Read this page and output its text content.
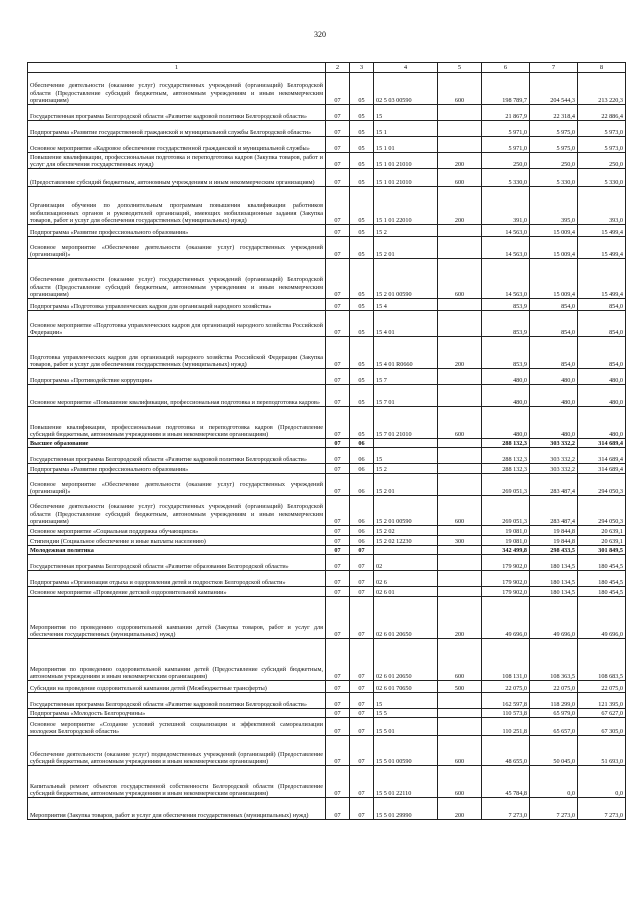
320
1	2	3	4	5	6	7	8
Обеспечение деятельности (оказание услуг) государственных учреждений (организаций) Белгородской области (Предоставление субсидий бюджетным, автономным учреждениям и иным некоммерческим организациям)	07	05	02 5 03 00590	600	198 789,7	204 544,3	213 220,3
Государственная программа Белгородской области «Развитие кадровой политики Белгородской области»	07	05	15		21 867,9	22 318,4	22 886,4
Подпрограмма «Развитие государственной гражданской и муниципальной службы Белгородской области»	07	05	15 1		5 971,0	5 975,0	5 973,0
Основное мероприятие «Кадровое обеспечение государственной гражданской и муниципальной службы»	07	05	15 1 01		5 971,0	5 975,0	5 973,0
Повышение квалификации, профессиональная подготовка и переподготовка кадров (Закупка товаров, работ и услуг для обеспечения государственных нужд)	07	05	15 1 01 21010	200	250,0	250,0	250,0
(Предоставление субсидий бюджетным, автономным учреждениям и иным некоммерческим организациям)	07	05	15 1 01 21010	600	5 330,0	5 330,0	5 330,0
Организация обучения по дополнительным программам повышения квалификации работников мобилизационных органов и руководителей организаций, имеющих мобилизационные задания (Закупка товаров, работ и услуг для обеспечения государственных (муниципальных) нужд)	07	05	15 1 01 22010	200	391,0	395,0	393,0
Подпрограмма «Развитие профессионального образования»	07	05	15 2		14 563,0	15 009,4	15 499,4
Основное мероприятие «Обеспечение деятельности (оказание услуг) государственных учреждений (организаций)»	07	05	15 2 01		14 563,0	15 009,4	15 499,4
Обеспечение деятельности (оказание услуг) государственных учреждений (организаций) Белгородской области (Предоставление субсидий бюджетным, автономным учреждениям и иным некоммерческим организациям)	07	05	15 2 01 00590	600	14 563,0	15 009,4	15 499,4
Подпрограмма «Подготовка управленческих кадров для организаций народного хозяйства»	07	05	15 4		853,9	854,0	854,0
Основное мероприятие «Подготовка управленческих кадров для организаций народного хозяйства Российской Федерации»	07	05	15 4 01		853,9	854,0	854,0
Подготовка управленческих кадров для организаций народного хозяйства Российской Федерации (Закупка товаров, работ и услуг для обеспечения государственных (муниципальных) нужд)	07	05	15 4 01 R0660	200	853,9	854,0	854,0
Подпрограмма «Противодействие коррупции»	07	05	15 7		480,0	480,0	480,0
Основное мероприятие «Повышение квалификации, профессиональная подготовка и переподготовка кадров»	07	05	15 7 01		480,0	480,0	480,0
Повышение квалификации, профессиональная подготовка и переподготовка кадров (Предоставление субсидий бюджетным, автономным учреждениям и иным некоммерческим организациям)	07	05	15 7 01 21010	600	480,0	480,0	480,0
Высшее образование	07	06			288 132,3	303 332,2	314 689,4
Государственная программа Белгородской области «Развитие кадровой политики Белгородской области»	07	06	15		288 132,3	303 332,2	314 689,4
Подпрограмма «Развитие профессионального образования»	07	06	15 2		288 132,3	303 332,2	314 689,4
Основное мероприятие «Обеспечение деятельности (оказание услуг) государственных учреждений (организаций)»	07	06	15 2 01		269 051,3	283 487,4	294 050,3
Обеспечение деятельности (оказание услуг) государственных учреждений (организаций) Белгородской области (Предоставление субсидий бюджетным, автономным учреждениям и иным некоммерческим организациям)	07	06	15 2 01 00590	600	269 051,3	283 487,4	294 050,3
Основное мероприятие «Социальная поддержка обучающихся»	07	06	15 2 02		19 081,0	19 844,8	20 639,1
Стипендии (Социальное обеспечение и иные выплаты населению)	07	06	15 2 02 12230	300	19 081,0	19 844,8	20 639,1
Молодежная политика	07	07			342 499,8	298 433,5	301 849,5
Государственная программа Белгородской области «Развитие образования Белгородской области»	07	07	02		179 902,0	180 134,5	180 454,5
Подпрограмма «Организация отдыха и оздоровления детей и подростков Белгородской области»	07	07	02 6		179 902,0	180 134,5	180 454,5
Основное мероприятие «Проведение детской оздоровительной кампании»	07	07	02 6 01		179 902,0	180 134,5	180 454,5
Мероприятия по проведению оздоровительной кампании детей (Закупка товаров, работ и услуг для обеспечения государственных (муниципальных) нужд)	07	07	02 6 01 20650	200	49 696,0	49 696,0	49 696,0
Мероприятия по проведению оздоровительной кампании детей (Предоставление субсидий бюджетным, автономным учреждениям и иным некоммерческим организациям)	07	07	02 6 01 20650	600	108 131,0	108 363,5	108 683,5
Субсидии на проведение оздоровительной кампании детей (Межбюджетные трансферты)	07	07	02 6 01 70650	500	22 075,0	22 075,0	22 075,0
Государственная программа Белгородской области «Развитие кадровой политики Белгородской области»	07	07	15		162 597,8	118 299,0	121 395,0
Подпрограмма «Молодость Белгородчины»	07	07	15 5		110 573,8	65 979,0	67 627,0
Основное мероприятие «Создание условий успешной социализации и эффективной самореализации молодежи Белгородской области»	07	07	15 5 01		110 251,8	65 657,0	67 305,0
Обеспечение деятельности (оказание услуг) подведомственных учреждений (организаций) (Предоставление субсидий бюджетным, автономным учреждениям и иным некоммерческим организациям)	07	07	15 5 01 00590	600	48 655,0	50 045,0	51 693,0
Капитальный ремонт объектов государственной собственности Белгородской области (Предоставление субсидий бюджетным, автономным учреждениям и иным некоммерческим организациям)	07	07	15 5 01 22110	600	45 784,8	0,0	0,0
Мероприятия (Закупка товаров, работ и услуг для обеспечения государственных (муниципальных) нужд)	07	07	15 5 01 29990	200	7 273,0	7 273,0	7 273,0
